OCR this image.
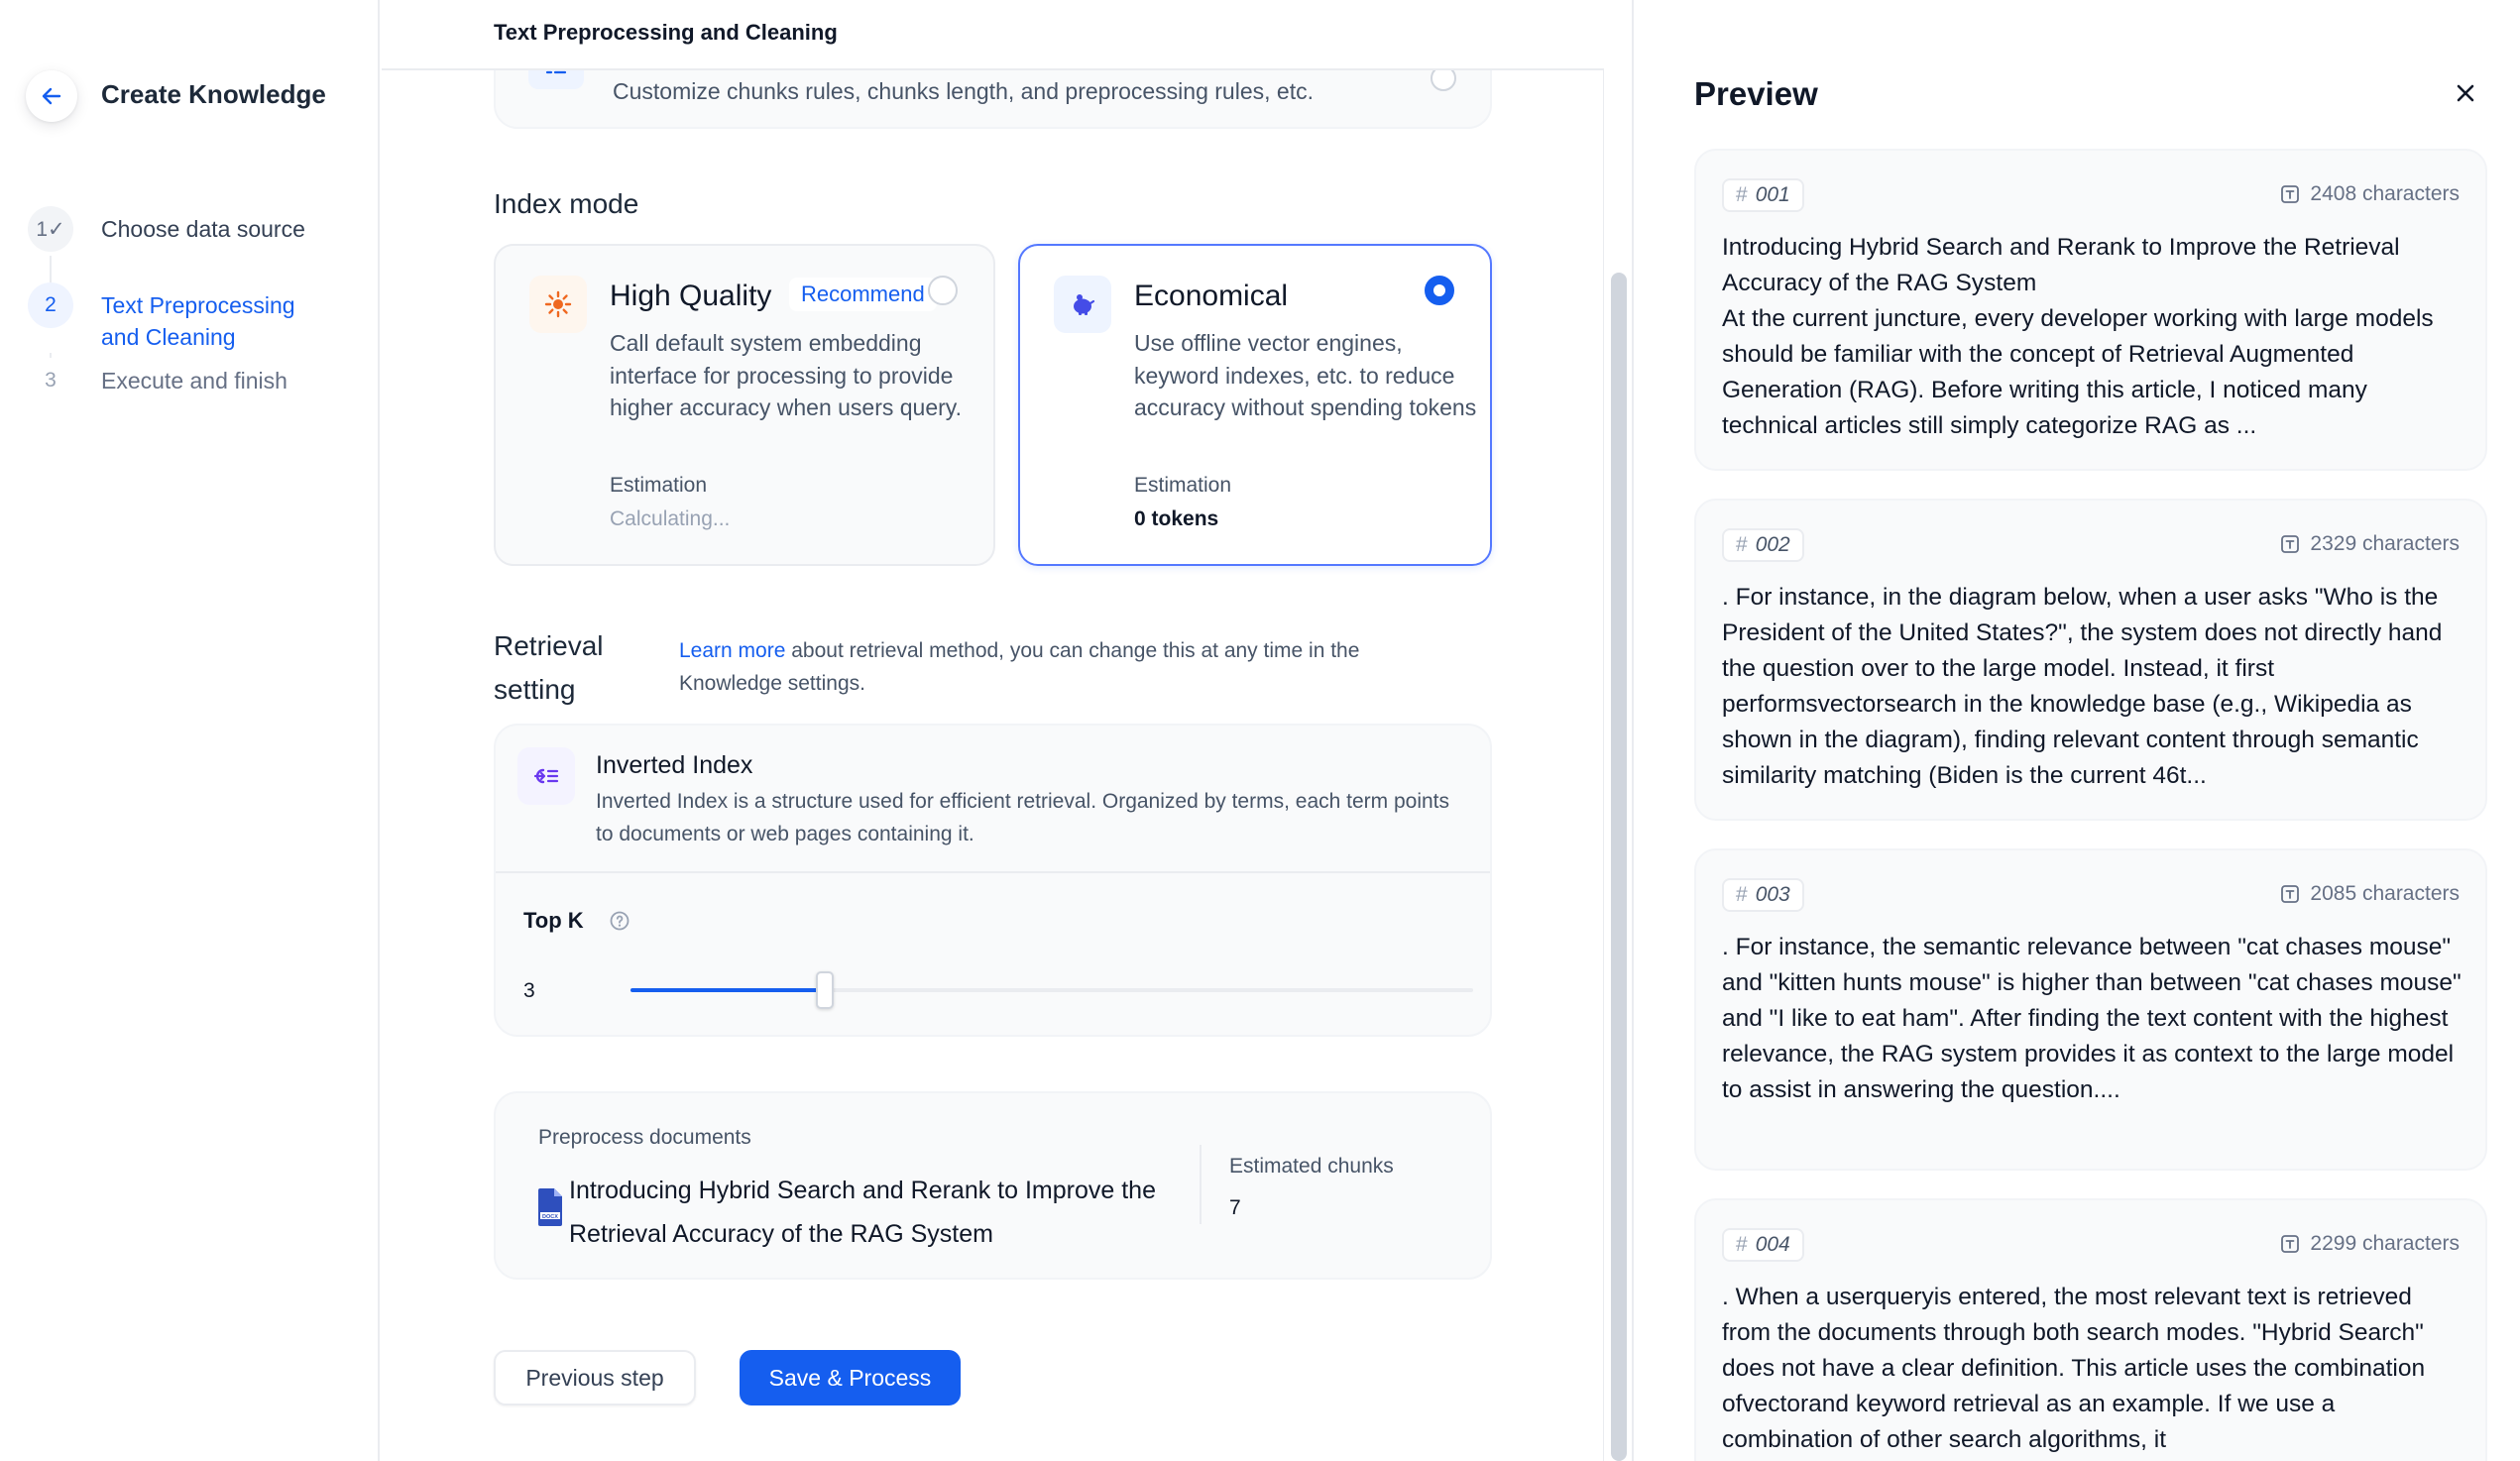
Create Knowledge
1✓	Choose data source
2	Text Preprocessing and Cleaning
3	Execute and finish
Customize chunks rules, chunks length, and preprocessing rules, etc.
Text Preprocessing and Cleaning
Index mode
High Quality	Recommend
Call default system embedding interface for processing to provide higher accuracy when users query.
Estimation
Calculating...
Economical
Use offline vector engines, keyword indexes, etc. to reduce accuracy without spending tokens
Estimation
0 tokens
Retrieval setting
Learn more about retrieval method, you can change this at any time in the Knowledge settings.
Inverted Index
Inverted Index is a structure used for efficient retrieval. Organized by terms, each term points to documents or web pages containing it.
Top K
3
Preprocess documents
DOCX
Introducing Hybrid Search and Rerank to Improve the Retrieval Accuracy of the RAG System
Estimated chunks
7
Previous step	Save & Process
Preview
# 001	2408 characters
Introducing Hybrid Search and Rerank to Improve the Retrieval Accuracy of the RAG System
At the current juncture, every developer working with large models should be familiar with the concept of Retrieval Augmented Generation (RAG). Before writing this article, I noticed many technical articles still simply categorize RAG as ...
# 002	2329 characters
. For instance, in the diagram below, when a user asks "Who is the President of the United States?", the system does not directly hand the question over to the large model. Instead, it first performsvectorsearch in the knowledge base (e.g., Wikipedia as shown in the diagram), finding relevant content through semantic similarity matching (Biden is the current 46t...
# 003	2085 characters
. For instance, the semantic relevance between "cat chases mouse" and "kitten hunts mouse" is higher than between "cat chases mouse" and "I like to eat ham". After finding the text content with the highest relevance, the RAG system provides it as context to the large model to assist in answering the question....
# 004	2299 characters
. When a userqueryis entered, the most relevant text is retrieved from the documents through both search modes. "Hybrid Search" does not have a clear definition. This article uses the combination ofvectorand keyword retrieval as an example. If we use a combination of other search algorithms, it
